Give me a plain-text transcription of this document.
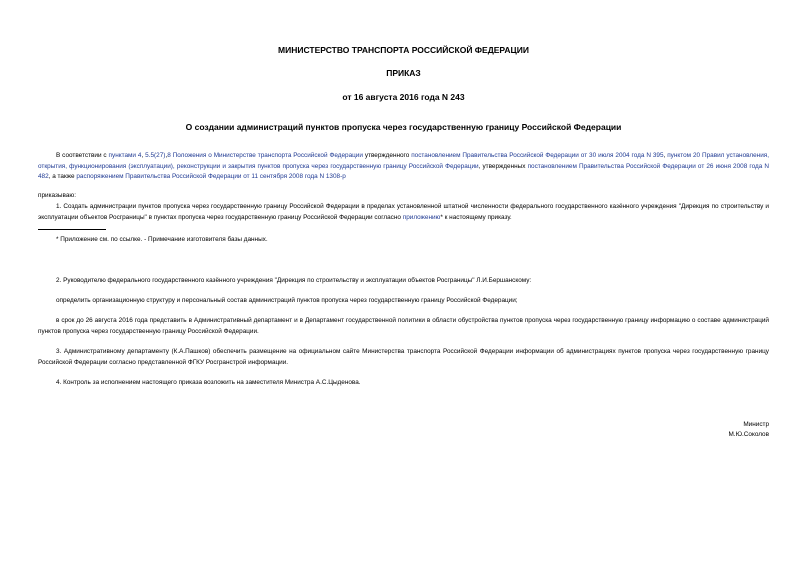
МИНИСТЕРСТВО ТРАНСПОРТА РОССИЙСКОЙ ФЕДЕРАЦИИ
ПРИКАЗ
от 16 августа 2016 года N 243
О создании администраций пунктов пропуска через государственную границу Российской Федерации
В соответствии с пунктами 4, 5.5(27),8 Положения о Министерстве транспорта Российской Федерации утвержденного постановлением Правительства Российской Федерации от 30 июля 2004 года N 395, пунктом 20 Правил установления, открытия, функционирования (эксплуатации), реконструкции и закрытия пунктов пропуска через государственную границу Российской Федерации, утвержденных постановлением Правительства Российской Федерации от 26 июня 2008 года N 482, а также распоряжением Правительства Российской Федерации от 11 сентября 2008 года N 1308-р
приказываю:
1. Создать администрации пунктов пропуска через государственную границу Российской Федерации в пределах установленной штатной численности федерального государственного казённого учреждения "Дирекция по строительству и эксплуатации объектов Росграницы" в пунктах пропуска через государственную границу Российской Федерации согласно приложению* к настоящему приказу.
* Приложение см. по ссылке. - Примечание изготовителя базы данных.
2. Руководителю федерального государственного казённого учреждения "Дирекция по строительству и эксплуатации объектов Росграницы" Л.И.Бершанскому:
определить организационную структуру и персональный состав администраций пунктов пропуска через государственную границу Российской Федерации;
в срок до 26 августа 2016 года представить в Административный департамент и в Департамент государственной политики в области обустройства пунктов пропуска через государственную границу информацию о составе администраций пунктов пропуска через государственную границу Российской Федерации.
3. Административному департаменту (К.А.Пашков) обеспечить размещение на официальном сайте Министерства транспорта Российской Федерации информации об администрациях пунктов пропуска через государственную границу Российской Федерации согласно представленной ФГКУ Росгранстрой информации.
4. Контроль за исполнением настоящего приказа возложить на заместителя Министра А.С.Цыденова.
Министр
М.Ю.Соколов
